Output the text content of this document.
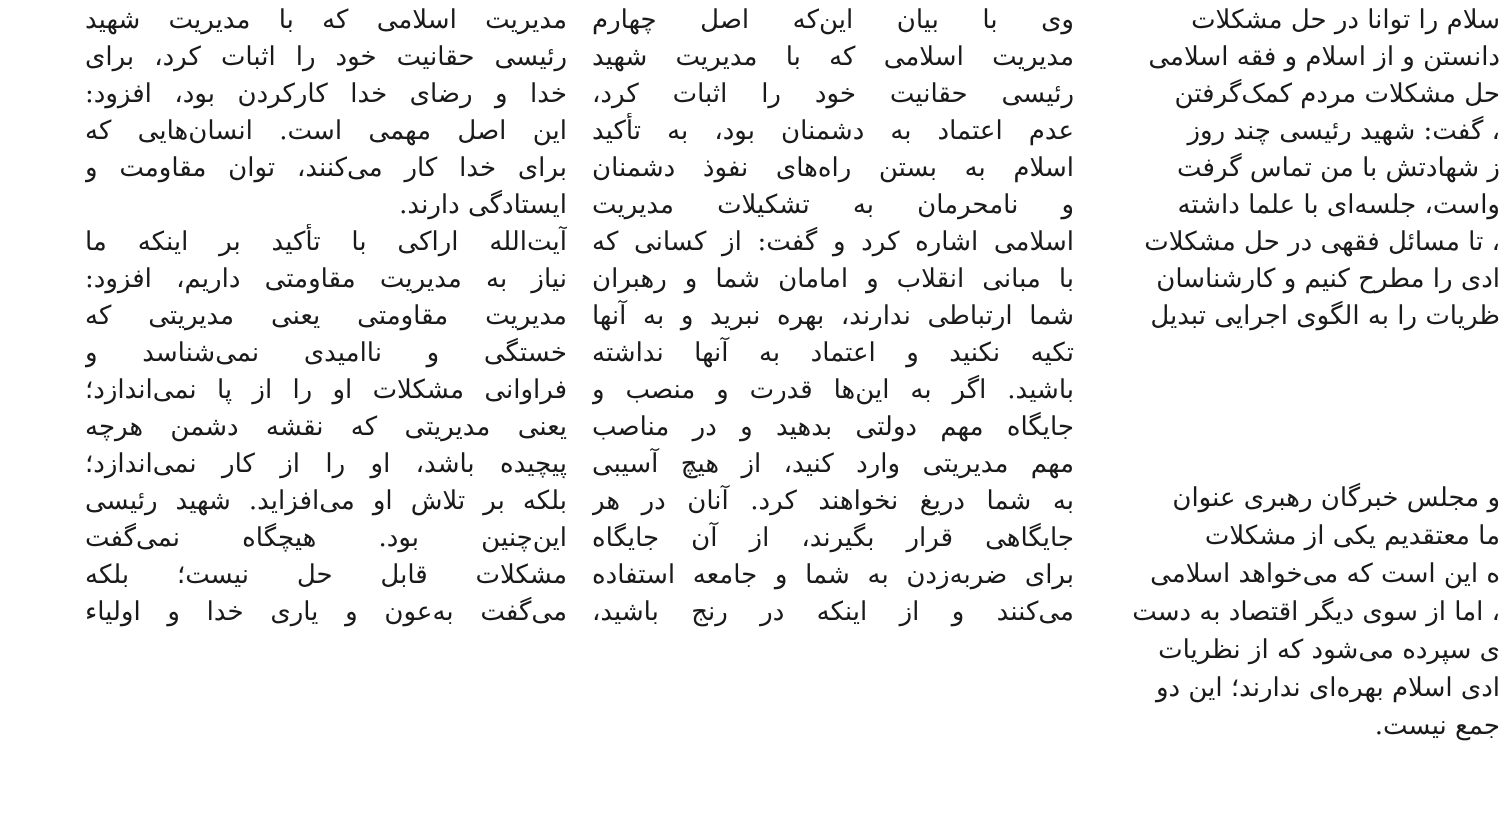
سلام را توانا در حل مشکلات
دانستن و از اسلام و فقه اسلامی
حل مشکلات مردم کمک‌گرفتن
، گفت: شهید رئیسی چند روز
ز شهادتش با من تماس گرفت
واست، جلسه‌ای با علما داشته
، تا مسائل فقهی در حل مشکلات
ادی را مطرح کنیم و کارشناسان
ظریات را به الگوی اجرایی تبدیل
و مجلس خبرگان رهبری عنوان
ما معتقدیم یکی از مشکلات
ه این است که می‌خواهد اسلامی
، اما از سوی دیگر اقتصاد به دست
ی سپرده می‌شود که از نظریات
ادی اسلام بهره‌ای ندارند؛ این دو
جمع نیست.
وی با بیان این‌که اصل چهارم
مدیریت اسلامی که با مدیریت شهید
رئیسی حقانیت خود را اثبات کرد،
عدم اعتماد به دشمنان بود، به تأکید
اسلام به بستن راه‌های نفوذ دشمنان
و نامحرمان به تشکیلات مدیریت
اسلامی اشاره کرد و گفت: از کسانی که
با مبانی انقلاب و امامان شما و رهبران
شما ارتباطی ندارند، بهره نبرید و به آنها
تکیه نکنید و اعتماد به آنها نداشته
باشید. اگر به این‌ها قدرت و منصب و
جایگاه مهم دولتی بدهید و در مناصب
مهم مدیریتی وارد کنید، از هیچ آسیبی
به شما دریغ نخواهند کرد. آنان در هر
جایگاهی قرار بگیرند، از آن جایگاه
برای ضربه‌زدن به شما و جامعه استفاده
می‌کنند و از اینکه در رنج باشید،
مدیریت اسلامی که با مدیریت شهید
رئیسی حقانیت خود را اثبات کرد، برای
خدا و رضای خدا کارکردن بود، افزود:
این اصل مهمی است. انسان‌هایی که
برای خدا کار می‌کنند، توان مقاومت و
ایستادگی دارند.
آیت‌الله اراکی با تأکید بر اینکه ما
نیاز به مدیریت مقاومتی داریم، افزود:
مدیریت مقاومتی یعنی مدیریتی که
خستگی و ناامیدی نمی‌شناسد و
فراوانی مشکلات او را از پا نمی‌اندازد؛
یعنی مدیریتی که نقشه دشمن هرچه
پیچیده باشد، او را از کار نمی‌اندازد؛
بلکه بر تلاش او می‌افزاید. شهید رئیسی
این‌چنین بود. هیچگاه نمی‌گفت
مشکلات قابل حل نیست؛ بلکه
می‌گفت به‌عون و یاری خدا و اولیاء
